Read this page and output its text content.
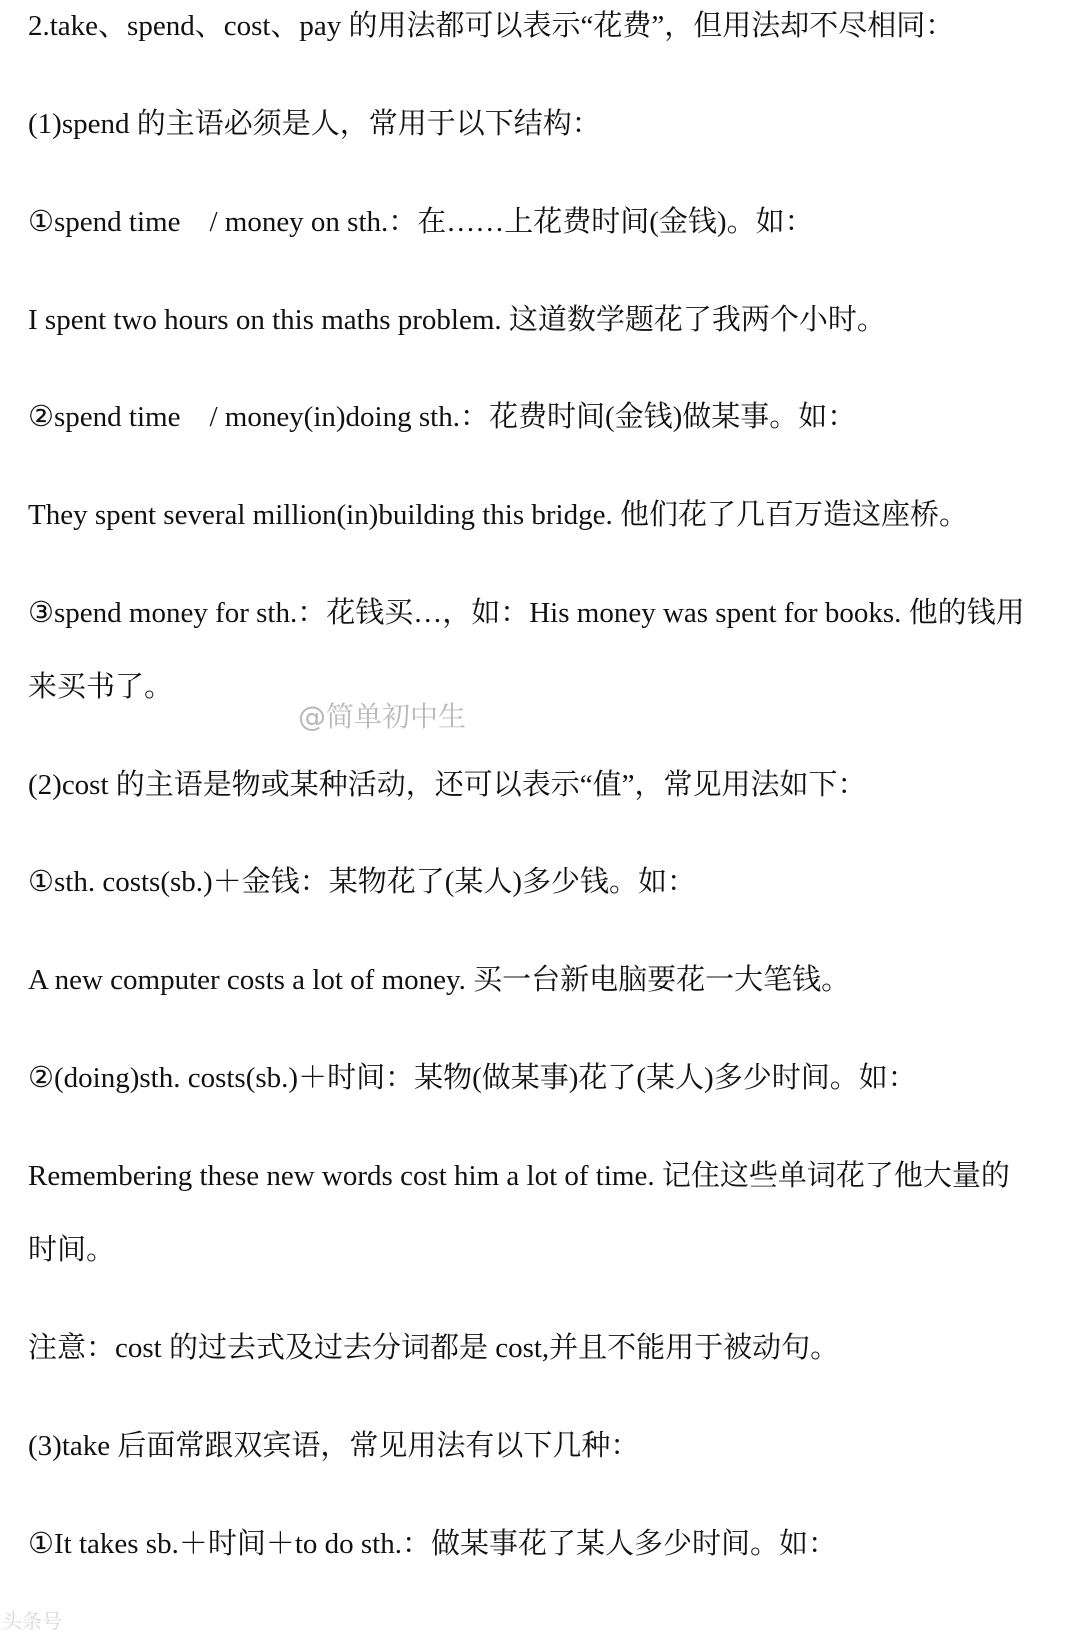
2.take、spend、cost、pay 的用法都可以表示“花费”，但用法却不尽相同：
(1)spend 的主语必须是人，常用于以下结构：
①spend time　/ money on sth.：在……上花费时间(金钱)。如：
I spent two hours on this maths problem. 这道数学题花了我两个小时。
②spend time　/ money(in)doing sth.：花费时间(金钱)做某事。如：
They spent several million(in)building this bridge. 他们花了几百万造这座桥。
③spend money for sth.：花钱买…，如：His money was spent for books. 他的钱用
来买书了。
@简单初中生
(2)cost 的主语是物或某种活动，还可以表示“值”，常见用法如下：
①sth. costs(sb.)＋金钱：某物花了(某人)多少钱。如：
A new computer costs a lot of money. 买一台新电脑要花一大笔钱。
②(doing)sth. costs(sb.)＋时间：某物(做某事)花了(某人)多少时间。如：
Remembering these new words cost him a lot of time. 记住这些单词花了他大量的
时间。
注意：cost 的过去式及过去分词都是 cost,并且不能用于被动句。
(3)take 后面常跟双宾语，常见用法有以下几种：
①It takes sb.＋时间＋to do sth.：做某事花了某人多少时间。如：
头条号
